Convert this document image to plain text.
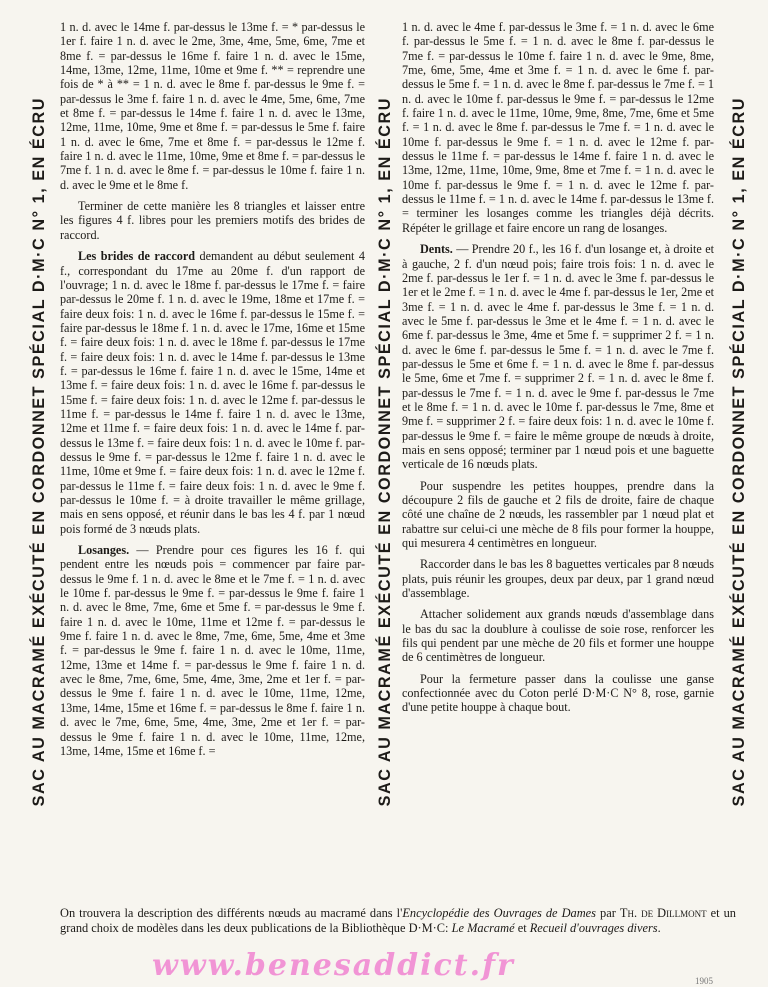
SAC AU MACRAMÉ EXÉCUTÉ EN CORDONNET SPÉCIAL D·M·C N° 1, EN ÉCRU	SAC AU MACRAMÉ EXÉCUTÉ EN CORDONNET SPÉCIAL D·M·C N° 1, EN ÉCRU	SAC AU MACRAMÉ EXÉCUTÉ EN CORDONNET SPÉCIAL D·M·C N° 1, EN ÉCRU

1 n. d. avec le 14me f. par-dessus le 13me f. = * par-dessus le 1er f. faire 1 n. d. avec le 2me, 3me, 4me, 5me, 6me, 7me et 8me f. = par-dessus le 16me f. faire 1 n. d. avec le 15me, 14me, 13me, 12me, 11me, 10me et 9me f. ** = reprendre une fois de * à ** = 1 n. d. avec le 8me f. par-dessus le 9me f. = par-dessus le 3me f. faire 1 n. d. avec le 4me, 5me, 6me, 7me et 8me f. = par-dessus le 14me f. faire 1 n. d. avec le 13me, 12me, 11me, 10me, 9me et 8me f. = par-dessus le 5me f. faire 1 n. d. avec le 6me, 7me et 8me f. = par-dessus le 12me f. faire 1 n. d. avec le 11me, 10me, 9me et 8me f. = par-dessus le 7me f. 1 n. d. avec le 8me f. = par-dessus le 10me f. faire 1 n. d. avec le 9me et le 8me f.

Terminer de cette manière les 8 triangles et laisser entre les figures 4 f. libres pour les premiers motifs des brides de raccord.

Les brides de raccord demandent au début seulement 4 f., correspondant du 17me au 20me f. d'un rapport de l'ouvrage; 1 n. d. avec le 18me f. par-dessus le 17me f. = faire par-dessus le 20me f. 1 n. d. avec le 19me, 18me et 17me f. = faire deux fois: 1 n. d. avec le 16me f. par-dessus le 15me f. = faire par-dessus le 18me f. 1 n. d. avec le 17me, 16me et 15me f. = faire deux fois: 1 n. d. avec le 18me f. par-dessus le 17me f. = faire deux fois: 1 n. d. avec le 14me f. par-dessus le 13me f. = par-dessus le 16me f. faire 1 n. d. avec le 15me, 14me et 13me f. = faire deux fois: 1 n. d. avec le 16me f. par-dessus le 15me f. = faire deux fois: 1 n. d. avec le 12me f. par-dessus le 11me f. = par-dessus le 14me f. faire 1 n. d. avec le 13me, 12me et 11me f. = faire deux fois: 1 n. d. avec le 14me f. par-dessus le 13me f. = faire deux fois: 1 n. d. avec le 10me f. par-dessus le 9me f. = par-dessus le 12me f. faire 1 n. d. avec le 11me, 10me et 9me f. = faire deux fois: 1 n. d. avec le 12me f. par-dessus le 11me f. = faire deux fois: 1 n. d. avec le 9me f. par-dessus le 10me f. = à droite travailler le même grillage, mais en sens opposé, et réunir dans le bas les 4 f. par 1 nœud pois formé de 3 nœuds plats.

Losanges. — Prendre pour ces figures les 16 f. qui pendent entre les nœuds pois = commencer par faire par-dessus le 9me f. 1 n. d. avec le 8me et le 7me f. = 1 n. d. avec le 10me f. par-dessus le 9me f. = par-dessus le 9me f. faire 1 n. d. avec le 8me, 7me, 6me et 5me f. = par-dessus le 9me f. faire 1 n. d. avec le 10me, 11me et 12me f. = par-dessus le 9me f. faire 1 n. d. avec le 8me, 7me, 6me, 5me, 4me et 3me f. = par-dessus le 9me f. faire 1 n. d. avec le 10me, 11me, 12me, 13me et 14me f. = par-dessus le 9me f. faire 1 n. d. avec le 8me, 7me, 6me, 5me, 4me, 3me, 2me et 1er f. = par-dessus le 9me f. faire 1 n. d. avec le 10me, 11me, 12me, 13me, 14me, 15me et 16me f. = par-dessus le 8me f. faire 1 n. d. avec le 7me, 6me, 5me, 4me, 3me, 2me et 1er f. = par-dessus le 9me f. faire 1 n. d. avec le 10me, 11me, 12me, 13me, 14me, 15me et 16me f. =

1 n. d. avec le 4me f. par-dessus le 3me f. = 1 n. d. avec le 6me f. par-dessus le 5me f. = 1 n. d. avec le 8me f. par-dessus le 7me f. = par-dessus le 10me f. faire 1 n. d. avec le 9me, 8me, 7me, 6me, 5me, 4me et 3me f. = 1 n. d. avec le 6me f. par-dessus le 5me f. = 1 n. d. avec le 8me f. par-dessus le 7me f. = 1 n. d. avec le 10me f. par-dessus le 9me f. = par-dessus le 12me f. faire 1 n. d. avec le 11me, 10me, 9me, 8me, 7me, 6me et 5me f. = 1 n. d. avec le 8me f. par-dessus le 7me f. = 1 n. d. avec le 10me f. par-dessus le 9me f. = 1 n. d. avec le 12me f. par-dessus le 11me f. = par-dessus le 14me f. faire 1 n. d. avec le 13me, 12me, 11me, 10me, 9me, 8me et 7me f. = 1 n. d. avec le 10me f. par-dessus le 9me f. = 1 n. d. avec le 12me f. par-dessus le 11me f. = 1 n. d. avec le 14me f. par-dessus le 13me f. = terminer les losanges comme les triangles déjà décrits. Répéter le grillage et faire encore un rang de losanges.

Dents. — Prendre 20 f., les 16 f. d'un losange et, à droite et à gauche, 2 f. d'un nœud pois; faire trois fois: 1 n. d. avec le 2me f. par-dessus le 1er f. = 1 n. d. avec le 3me f. par-dessus le 1er et le 2me f. = 1 n. d. avec le 4me f. par-dessus le 1er, 2me et 3me f. = 1 n. d. avec le 4me f. par-dessus le 3me f. = 1 n. d. avec le 5me f. par-dessus le 3me et le 4me f. = 1 n. d. avec le 6me f. par-dessus le 3me, 4me et 5me f. = supprimer 2 f. = 1 n. d. avec le 6me f. par-dessus le 5me f. = 1 n. d. avec le 7me f. par-dessus le 5me et 6me f. = 1 n. d. avec le 8me f. par-dessus le 5me, 6me et 7me f. = supprimer 2 f. = 1 n. d. avec le 8me f. par-dessus le 7me f. = 1 n. d. avec le 9me f. par-dessus le 7me et le 8me f. = 1 n. d. avec le 10me f. par-dessus le 7me, 8me et 9me f. = supprimer 2 f. = faire deux fois: 1 n. d. avec le 10me f. par-dessus le 9me f. = faire le même groupe de nœuds à droite, mais en sens opposé; terminer par 1 nœud pois et une baguette verticale de 16 nœuds plats.

Pour suspendre les petites houppes, prendre dans la découpure 2 fils de gauche et 2 fils de droite, faire de chaque côté une chaîne de 2 nœuds, les rassembler par 1 nœud plat et rabattre sur celui-ci une mèche de 8 fils pour former la houppe, qui mesurera 4 centimètres en longueur.

Raccorder dans le bas les 8 baguettes verticales par 8 nœuds plats, puis réunir les groupes, deux par deux, par 1 grand nœud d'assemblage.

Attacher solidement aux grands nœuds d'assemblage dans le bas du sac la doublure à coulisse de soie rose, renforcer les fils qui pendent par une mèche de 20 fils et former une houppe de 6 centimètres de longueur.

Pour la fermeture passer dans la coulisse une ganse confectionnée avec du Coton perlé D·M·C N° 8, rose, garnie d'une petite houppe à chaque bout.

On trouvera la description des différents nœuds au macramé dans l'Encyclopédie des Ouvrages de Dames par Th. de Dillmont et un grand choix de modèles dans les deux publications de la Bibliothèque D·M·C: Le Macramé et Recueil d'ouvrages divers.
www.benesaddict.fr	1905
